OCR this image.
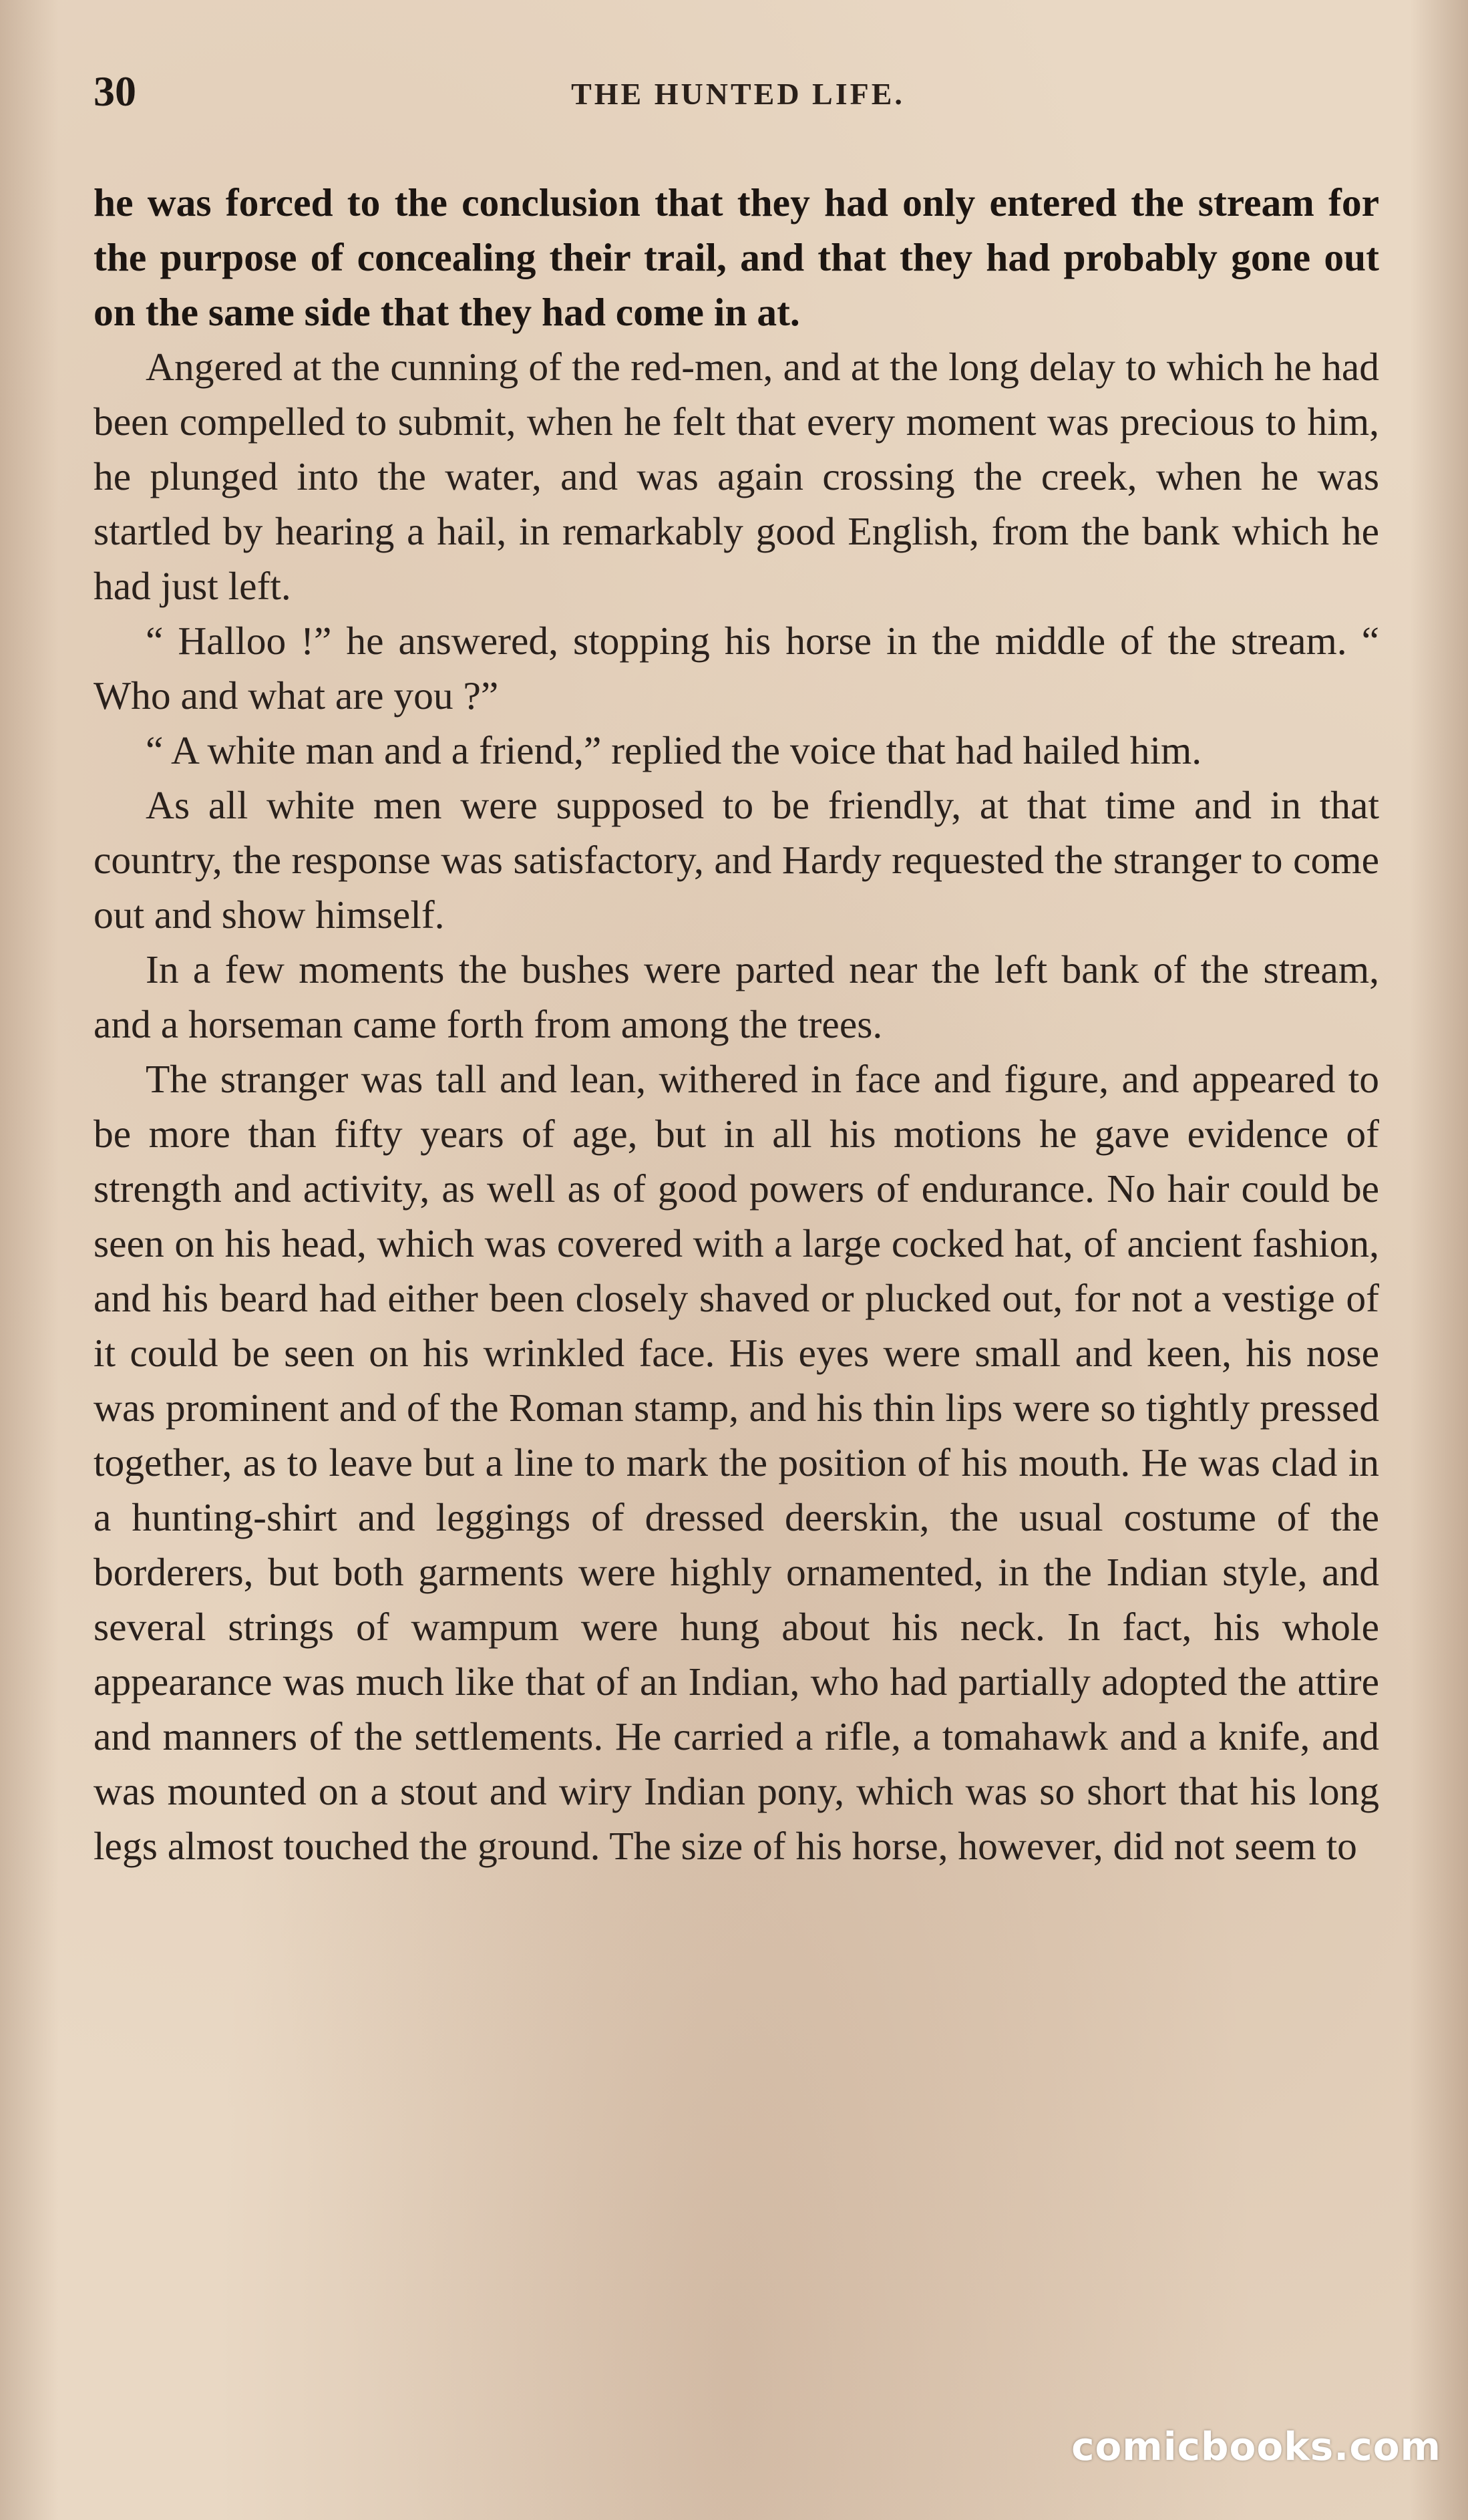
30	THE HUNTED LIFE.

he was forced to the conclusion that they had only entered the stream for the purpose of concealing their trail, and that they had probably gone out on the same side that they had come in at.

Angered at the cunning of the red-men, and at the long delay to which he had been compelled to submit, when he felt that every moment was precious to him, he plunged into the water, and was again crossing the creek, when he was startled by hearing a hail, in remarkably good English, from the bank which he had just left.

“ Halloo !” he answered, stopping his horse in the middle of the stream. “ Who and what are you ?”

“ A white man and a friend,” replied the voice that had hailed him.

As all white men were supposed to be friendly, at that time and in that country, the response was satisfactory, and Hardy requested the stranger to come out and show himself.

In a few moments the bushes were parted near the left bank of the stream, and a horseman came forth from among the trees.

The stranger was tall and lean, withered in face and figure, and appeared to be more than fifty years of age, but in all his motions he gave evidence of strength and activity, as well as of good powers of endurance. No hair could be seen on his head, which was covered with a large cocked hat, of ancient fashion, and his beard had either been closely shaved or plucked out, for not a vestige of it could be seen on his wrinkled face. His eyes were small and keen, his nose was prominent and of the Roman stamp, and his thin lips were so tightly pressed together, as to leave but a line to mark the position of his mouth. He was clad in a hunting-shirt and leggings of dressed deerskin, the usual costume of the borderers, but both garments were highly ornamented, in the Indian style, and several strings of wampum were hung about his neck. In fact, his whole appearance was much like that of an Indian, who had partially adopted the attire and manners of the settlements. He carried a rifle, a tomahawk and a knife, and was mounted on a stout and wiry Indian pony, which was so short that his long legs almost touched the ground. The size of his horse, however, did not seem to

comicbooks.com
